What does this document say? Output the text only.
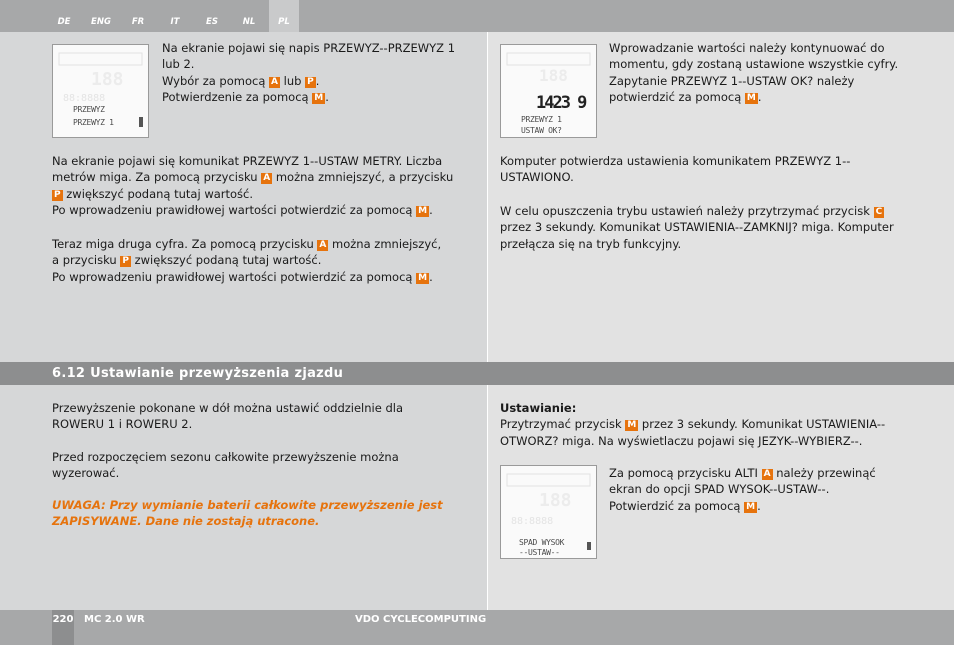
DE	ENG	FR	IT	ES	NL	PL
188
88:8888
PRZEWYZ
PRZEWYZ 1

Na ekranie pojawi się napis PRZEWYZ--PRZEWYZ 1

lub 2.

Wybór za pomocą A lub P .

Potwierdzenie za pomocą M .

Na ekranie pojawi się komunikat PRZEWYZ 1--USTAW METRY. Liczba

metrów miga. Za pomocą przycisku A można zmniejszyć, a przycisku

P zwiększyć podaną tutaj wartość.

Po wprowadzeniu prawidłowej wartości potwierdzić za pomocą M .

Teraz miga druga cyfra. Za pomocą przycisku A można zmniejszyć,

a przycisku P zwiększyć podaną tutaj wartość.

Po wprowadzeniu prawidłowej wartości potwierdzić za pomocą M .

188
1423 9
PRZEWYZ 1
USTAW OK?

Wprowadzanie wartości należy kontynuować do

momentu, gdy zostaną ustawione wszystkie cyfry.

Zapytanie PRZEWYZ 1--USTAW OK? należy

potwierdzić za pomocą M .

Komputer potwierdza ustawienia komunikatem PRZEWYZ 1--

USTAWIONO.

W celu opuszczenia trybu ustawień należy przytrzymać przycisk C

przez 3 sekundy. Komunikat USTAWIENIA--ZAMKNIJ? miga. Komputer

przełącza się na tryb funkcyjny.

6.12 Ustawianie przewyższenia zjazdu

Przewyższenie pokonane w dół można ustawić oddzielnie dla

ROWERU 1 i ROWERU 2.

Przed rozpoczęciem sezonu całkowite przewyższenie można

wyzerować.

UWAGA: Przy wymianie baterii całkowite przewyższenie jest

ZAPISYWANE. Dane nie zostają utracone.

Ustawianie:

Przytrzymać przycisk M przez 3 sekundy. Komunikat USTAWIENIA--

OTWORZ? miga. Na wyświetlaczu pojawi się JEZYK--WYBIERZ--.

188
88:8888
SPAD WYSOK
--USTAW--

Za pomocą przycisku ALTI A należy przewinąć

ekran do opcji SPAD WYSOK--USTAW--.

Potwierdzić za pomocą M .

220 MC 2.0 WR	VDO CYCLECOMPUTING
